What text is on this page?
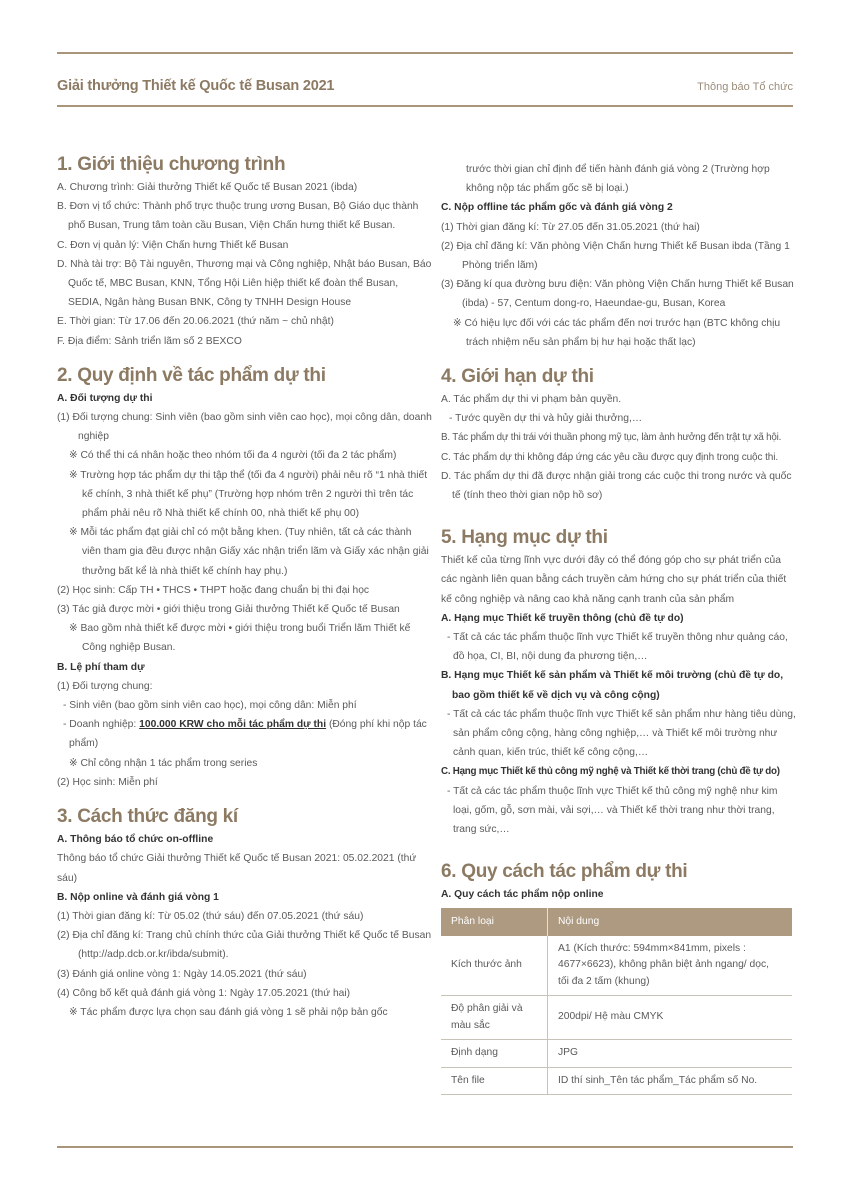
Giải thưởng Thiết kế Quốc tế Busan 2021	Thông báo Tổ chức
1. Giới thiệu chương trình
A. Chương trình: Giải thưởng Thiết kế Quốc tế Busan 2021 (ibda)
B. Đơn vị tổ chức: Thành phố trực thuộc trung ương Busan, Bộ Giáo dục thành phố Busan, Trung tâm toàn cầu Busan, Viện Chấn hưng thiết kế Busan.
C. Đơn vị quản lý: Viện Chấn hưng Thiết kế Busan
D. Nhà tài trợ: Bộ Tài nguyên, Thương mại và Công nghiệp, Nhật báo Busan, Báo Quốc tế, MBC Busan, KNN, Tổng Hội Liên hiệp thiết kế đoàn thể Busan, SEDIA, Ngân hàng Busan BNK, Công ty TNHH Design House
E. Thời gian: Từ 17.06 đến 20.06.2021 (thứ năm ~ chủ nhật)
F. Địa điểm: Sảnh triển lãm số 2 BEXCO
2. Quy định về tác phẩm dự thi
A. Đối tượng dự thi
(1) Đối tượng chung: Sinh viên (bao gồm sinh viên cao học), mọi công dân, doanh nghiệp
※ Có thể thi cá nhân hoặc theo nhóm tối đa 4 người (tối đa 2 tác phẩm)
※ Trường hợp tác phẩm dự thi tập thể (tối đa 4 người) phải nêu rõ “1 nhà thiết kế chính, 3 nhà thiết kế phụ” (Trường hợp nhóm trên 2 người thì trên tác phẩm phải nêu rõ Nhà thiết kế chính 00, nhà thiết kế phụ 00)
※ Mỗi tác phẩm đạt giải chỉ có một bằng khen. (Tuy nhiên, tất cả các thành viên tham gia đều được nhận Giấy xác nhận triển lãm và Giấy xác nhận giải thưởng bất kể là nhà thiết kế chính hay phụ.)
(2) Học sinh: Cấp TH • THCS • THPT hoặc đang chuẩn bị thi đại học
(3) Tác giả được mời • giới thiệu trong Giải thưởng Thiết kế Quốc tế Busan
※ Bao gồm nhà thiết kế được mời • giới thiệu trong buổi Triển lãm Thiết kế Công nghiệp Busan.
B. Lệ phí tham dự
(1) Đối tượng chung:
- Sinh viên (bao gồm sinh viên cao học), mọi công dân: Miễn phí
- Doanh nghiệp: 100.000 KRW cho mỗi tác phẩm dự thi (Đóng phí khi nộp tác phẩm)
※ Chỉ công nhận 1 tác phẩm trong series
(2) Học sinh: Miễn phí
3. Cách thức đăng kí
A. Thông báo tổ chức on-offline
Thông báo tổ chức Giải thưởng Thiết kế Quốc tế Busan 2021: 05.02.2021 (thứ sáu)
B. Nộp online và đánh giá vòng 1
(1) Thời gian đăng kí: Từ 05.02 (thứ sáu) đến 07.05.2021 (thứ sáu)
(2) Địa chỉ đăng kí: Trang chủ chính thức của Giải thưởng Thiết kế Quốc tế Busan (http://adp.dcb.or.kr/ibda/submit).
(3) Đánh giá online vòng 1: Ngày 14.05.2021 (thứ sáu)
(4) Công bố kết quả đánh giá vòng 1: Ngày 17.05.2021 (thứ hai)
※ Tác phẩm được lựa chọn sau đánh giá vòng 1 sẽ phải nộp bản gốc
trước thời gian chỉ định để tiến hành đánh giá vòng 2 (Trường hợp không nộp tác phẩm gốc sẽ bị loại.)
C. Nộp offline tác phẩm gốc và đánh giá vòng 2
(1) Thời gian đăng kí: Từ 27.05 đến 31.05.2021 (thứ hai)
(2) Địa chỉ đăng kí: Văn phòng Viện Chấn hưng Thiết kế Busan ibda (Tầng 1 Phòng triển lãm)
(3) Đăng kí qua đường bưu điện: Văn phòng Viện Chấn hưng Thiết kế Busan (ibda) - 57, Centum dong-ro, Haeundae-gu, Busan, Korea
※ Có hiệu lực đối với các tác phẩm đến nơi trước hạn (BTC không chịu trách nhiệm nếu sản phẩm bị hư hại hoặc thất lạc)
4. Giới hạn dự thi
A. Tác phẩm dự thi vi phạm bản quyền.
- Tước quyền dự thi và hủy giải thưởng,…
B. Tác phẩm dự thi trái với thuần phong mỹ tục, làm ảnh hưởng đến trật tự xã hội.
C. Tác phẩm dự thi không đáp ứng các yêu cầu được quy định trong cuộc thi.
D. Tác phẩm dự thi đã được nhận giải trong các cuộc thi trong nước và quốc tế (tính theo thời gian nộp hồ sơ)
5. Hạng mục dự thi
Thiết kế của từng lĩnh vực dưới đây có thể đóng góp cho sự phát triển của các ngành liên quan bằng cách truyền cảm hứng cho sự phát triển của thiết kế công nghiệp và nâng cao khả năng cạnh tranh của sản phẩm
A. Hạng mục Thiết kế truyền thông (chủ đề tự do)
- Tất cả các tác phẩm thuộc lĩnh vực Thiết kế truyền thông như quảng cáo, đồ họa, CI, BI, nội dung đa phương tiện,…
B. Hạng mục Thiết kế sản phẩm và Thiết kế môi trường (chủ đề tự do, bao gồm thiết kế về dịch vụ và công cộng)
- Tất cả các tác phẩm thuộc lĩnh vực Thiết kế sản phẩm như hàng tiêu dùng, sản phẩm công cộng, hàng công nghiệp,… và Thiết kế môi trường như cảnh quan, kiến trúc, thiết kế công cộng,…
C. Hạng mục Thiết kế thủ công mỹ nghệ và Thiết kế thời trang (chủ đề tự do)
- Tất cả các tác phẩm thuộc lĩnh vực Thiết kế thủ công mỹ nghệ như kim loại, gốm, gỗ, sơn mài, vải sợi,… và Thiết kế thời trang như thời trang, trang sức,…
6. Quy cách tác phẩm dự thi
A. Quy cách tác phẩm nộp online
Phân loại	Nội dung
Kích thước ảnh	A1 (Kích thước: 594mm×841mm, pixels : 4677×6623), không phân biệt ảnh ngang/ dọc, tối đa 2 tấm (khung)
Độ phân giải và màu sắc	200dpi/ Hệ màu CMYK
Định dạng	JPG
Tên file	ID thí sinh_Tên tác phẩm_Tác phẩm số No.
